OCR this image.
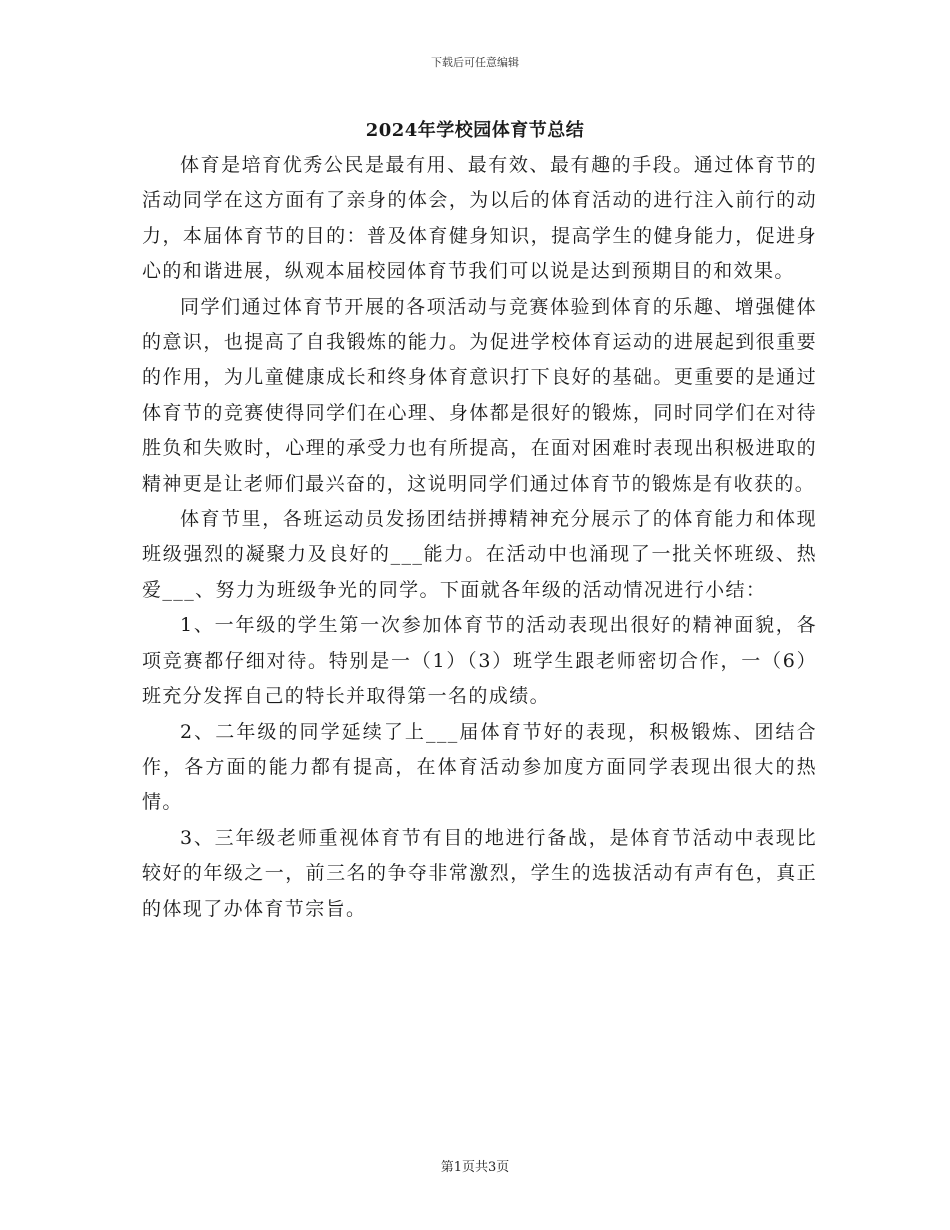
下载后可任意编辑
2024年学校园体育节总结

体育是培育优秀公民是最有用、最有效、最有趣的手段。通过体育节的活动同学在这方面有了亲身的体会，为以后的体育活动的进行注入前行的动力，本届体育节的目的：普及体育健身知识，提高学生的健身能力，促进身心的和谐进展，纵观本届校园体育节我们可以说是达到预期目的和效果。

同学们通过体育节开展的各项活动与竞赛体验到体育的乐趣、增强健体的意识，也提高了自我锻炼的能力。为促进学校体育运动的进展起到很重要的作用，为儿童健康成长和终身体育意识打下良好的基础。更重要的是通过体育节的竞赛使得同学们在心理、身体都是很好的锻炼，同时同学们在对待胜负和失败时，心理的承受力也有所提高，在面对困难时表现出积极进取的精神更是让老师们最兴奋的，这说明同学们通过体育节的锻炼是有收获的。

体育节里，各班运动员发扬团结拼搏精神充分展示了的体育能力和体现班级强烈的凝聚力及良好的___能力。在活动中也涌现了一批关怀班级、热爱___、努力为班级争光的同学。下面就各年级的活动情况进行小结：

1、一年级的学生第一次参加体育节的活动表现出很好的精神面貌，各项竞赛都仔细对待。特别是一（1）（3）班学生跟老师密切合作，一（6）班充分发挥自己的特长并取得第一名的成绩。

2、二年级的同学延续了上___届体育节好的表现，积极锻炼、团结合作，各方面的能力都有提高，在体育活动参加度方面同学表现出很大的热情。

3、三年级老师重视体育节有目的地进行备战，是体育节活动中表现比较好的年级之一，前三名的争夺非常激烈，学生的选拔活动有声有色，真正的体现了办体育节宗旨。

第1页共3页
